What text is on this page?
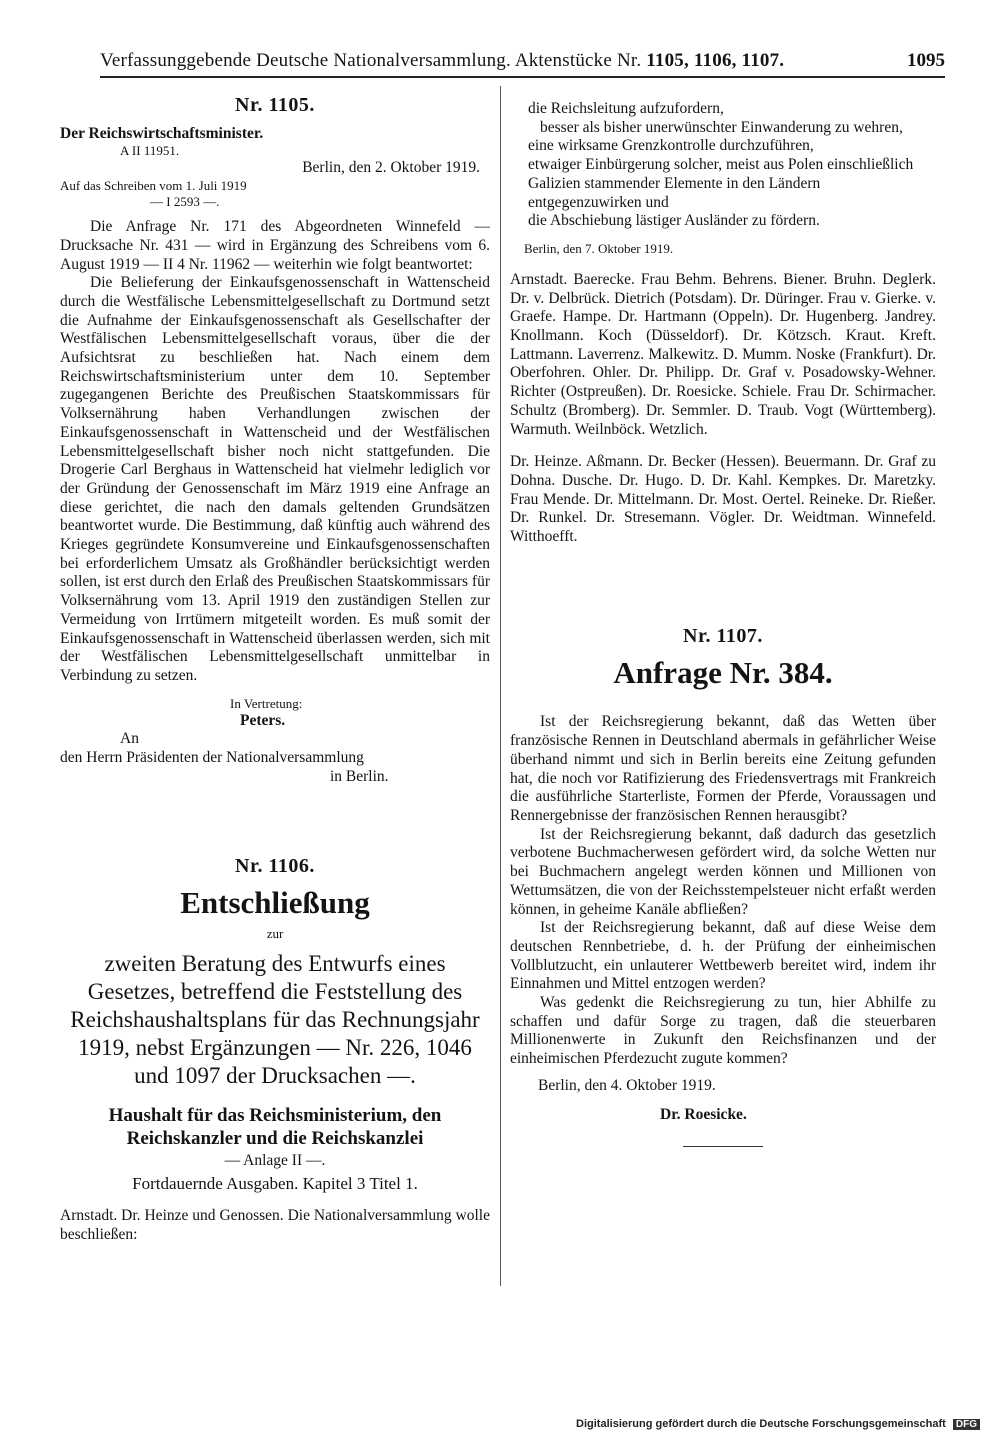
Verfassunggebende Deutsche Nationalversammlung. Aktenstücke Nr. 1105, 1106, 1107.	1095
Nr. 1105.
Der Reichswirtschaftsminister.
A II 11951.
Berlin, den 2. Oktober 1919.
Auf das Schreiben vom 1. Juli 1919
— I 2593 —.
Die Anfrage Nr. 171 des Abgeordneten Winnefeld — Drucksache Nr. 431 — wird in Ergänzung des Schreibens vom 6. August 1919 — II 4 Nr. 11962 — weiterhin wie folgt beantwortet:
Die Belieferung der Einkaufsgenossenschaft in Wattenscheid durch die Westfälische Lebensmittelgesellschaft zu Dortmund setzt die Aufnahme der Einkaufsgenossenschaft als Gesellschafter der Westfälischen Lebensmittelgesellschaft voraus, über die der Aufsichtsrat zu beschließen hat. Nach einem dem Reichswirtschaftsministerium unter dem 10. September zugegangenen Berichte des Preußischen Staatskommissars für Volksernährung haben Verhandlungen zwischen der Einkaufsgenossenschaft in Wattenscheid und der Westfälischen Lebensmittelgesellschaft bisher noch nicht stattgefunden. Die Drogerie Carl Berghaus in Wattenscheid hat vielmehr lediglich vor der Gründung der Genossenschaft im März 1919 eine Anfrage an diese gerichtet, die nach den damals geltenden Grundsätzen beantwortet wurde. Die Bestimmung, daß künftig auch während des Krieges gegründete Konsumvereine und Einkaufsgenossenschaften bei erforderlichem Umsatz als Großhändler berücksichtigt werden sollen, ist erst durch den Erlaß des Preußischen Staatskommissars für Volksernährung vom 13. April 1919 den zuständigen Stellen zur Vermeidung von Irrtümern mitgeteilt worden. Es muß somit der Einkaufsgenossenschaft in Wattenscheid überlassen werden, sich mit der Westfälischen Lebensmittelgesellschaft unmittelbar in Verbindung zu setzen.
In Vertretung:
Peters.
An
den Herrn Präsidenten der Nationalversammlung
in Berlin.
Nr. 1106.
Entschließung
zur
zweiten Beratung des Entwurfs eines Gesetzes, betreffend die Feststellung des Reichshaushaltsplans für das Rechnungsjahr 1919, nebst Ergänzungen — Nr. 226, 1046 und 1097 der Drucksachen —.
Haushalt für das Reichsministerium, den Reichskanzler und die Reichskanzlei
— Anlage II —.
Fortdauernde Ausgaben. Kapitel 3 Titel 1.
Arnstadt. Dr. Heinze und Genossen. Die Nationalversammlung wolle beschließen:
die Reichsleitung aufzufordern,
besser als bisher unerwünschter Einwanderung zu wehren,
eine wirksame Grenzkontrolle durchzuführen,
etwaiger Einbürgerung solcher, meist aus Polen einschließlich Galizien stammender Elemente in den Ländern entgegenzuwirken und
die Abschiebung lästiger Ausländer zu fördern.
Berlin, den 7. Oktober 1919.
Arnstadt. Baerecke. Frau Behm. Behrens. Biener. Bruhn. Deglerk. Dr. v. Delbrück. Dietrich (Potsdam). Dr. Düringer. Frau v. Gierke. v. Graefe. Hampe. Dr. Hartmann (Oppeln). Dr. Hugenberg. Jandrey. Knollmann. Koch (Düsseldorf). Dr. Kötzsch. Kraut. Kreft. Lattmann. Laverrenz. Malkewitz. D. Mumm. Noske (Frankfurt). Dr. Oberfohren. Ohler. Dr. Philipp. Dr. Graf v. Posadowsky-Wehner. Richter (Ostpreußen). Dr. Roesicke. Schiele. Frau Dr. Schirmacher. Schultz (Bromberg). Dr. Semmler. D. Traub. Vogt (Württemberg). Warmuth. Weilnböck. Wetzlich.
Dr. Heinze. Aßmann. Dr. Becker (Hessen). Beuermann. Dr. Graf zu Dohna. Dusche. Dr. Hugo. D. Dr. Kahl. Kempkes. Dr. Maretzky. Frau Mende. Dr. Mittelmann. Dr. Most. Oertel. Reineke. Dr. Rießer. Dr. Runkel. Dr. Stresemann. Vögler. Dr. Weidtman. Winnefeld. Witthoefft.
Nr. 1107.
Anfrage Nr. 384.
Ist der Reichsregierung bekannt, daß das Wetten über französische Rennen in Deutschland abermals in gefährlicher Weise überhand nimmt und sich in Berlin bereits eine Zeitung gefunden hat, die noch vor Ratifizierung des Friedensvertrags mit Frankreich die ausführliche Starterliste, Formen der Pferde, Voraussagen und Rennergebnisse der französischen Rennen herausgibt?
Ist der Reichsregierung bekannt, daß dadurch das gesetzlich verbotene Buchmacherwesen gefördert wird, da solche Wetten nur bei Buchmachern angelegt werden können und Millionen von Wettumsätzen, die von der Reichsstempelsteuer nicht erfaßt werden können, in geheime Kanäle abfließen?
Ist der Reichsregierung bekannt, daß auf diese Weise dem deutschen Rennbetriebe, d. h. der Prüfung der einheimischen Vollblutzucht, ein unlauterer Wettbewerb bereitet wird, indem ihr Einnahmen und Mittel entzogen werden?
Was gedenkt die Reichsregierung zu tun, hier Abhilfe zu schaffen und dafür Sorge zu tragen, daß die steuerbaren Millionenwerte in Zukunft den Reichsfinanzen und der einheimischen Pferdezucht zugute kommen?
Berlin, den 4. Oktober 1919.
Dr. Roesicke.
Digitalisierung gefördert durch die Deutsche Forschungsgemeinschaft DFG
